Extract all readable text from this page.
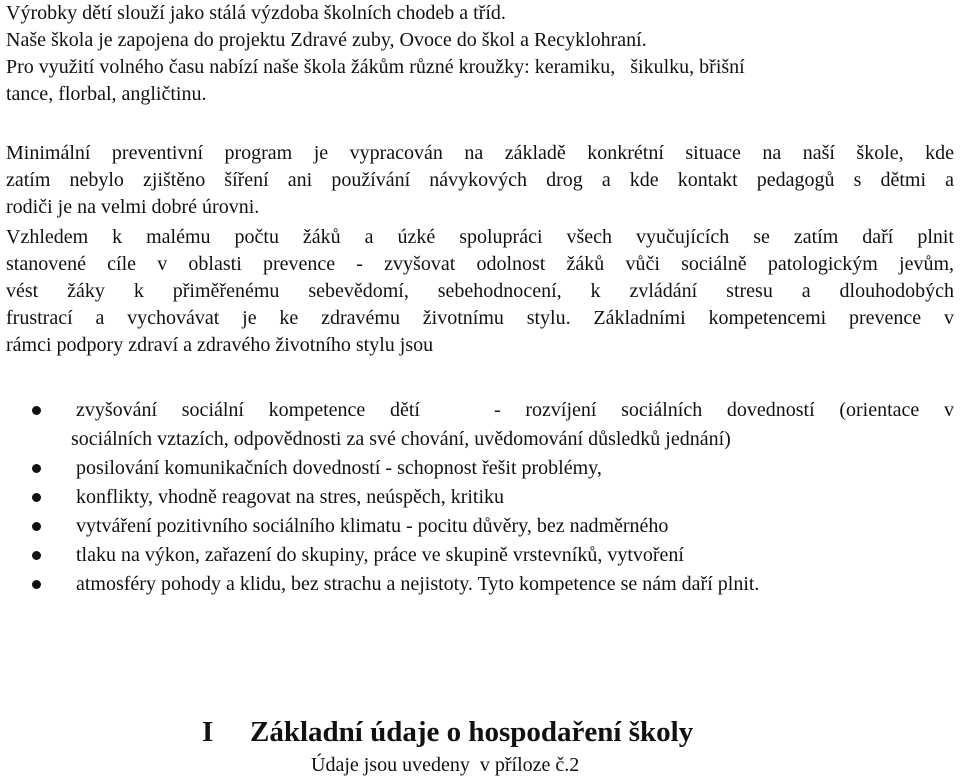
Výrobky dětí slouží jako stálá výzdoba školních chodeb a tříd.
Naše škola je zapojena do projektu Zdravé zuby, Ovoce do škol a Recyklohraní.
Pro využití volného času nabízí naše škola žákům různé kroužky: keramiku,   šikulku, břišní
tance, florbal, angličtinu.
Minimální preventivní program je vypracován na základě konkrétní situace na naší škole, kde
zatím nebylo zjištěno šíření ani používání návykových drog a kde kontakt pedagogů s dětmi a
rodiči je na velmi dobré úrovni.
Vzhledem k malému počtu žáků a úzké spolupráci všech vyučujících se zatím daří plnit
stanovené cíle v oblasti prevence - zvyšovat odolnost žáků vůči sociálně patologickým jevům,
vést žáky k přiměřenému sebevědomí, sebehodnocení, k zvládání stresu a dlouhodobých
frustrací a vychovávat je ke zdravému životnímu stylu. Základními kompetencemi prevence v
rámci podpory zdraví a zdravého životního stylu jsou
zvyšování sociální kompetence dětí   - rozvíjení sociálních dovedností (orientace v
sociálních vztazích, odpovědnosti za své chování, uvědomování důsledků jednání)
posilování komunikačních dovedností - schopnost řešit problémy,
konflikty, vhodně reagovat na stres, neúspěch, kritiku
vytváření pozitivního sociálního klimatu - pocitu důvěry, bez nadměrného
tlaku na výkon, zařazení do skupiny, práce ve skupině vrstevníků, vytvoření
atmosféry pohody a klidu, bez strachu a nejistoty. Tyto kompetence se nám daří plnit.
I Základní údaje o hospodaření školy
Údaje jsou uvedeny  v příloze č.2
